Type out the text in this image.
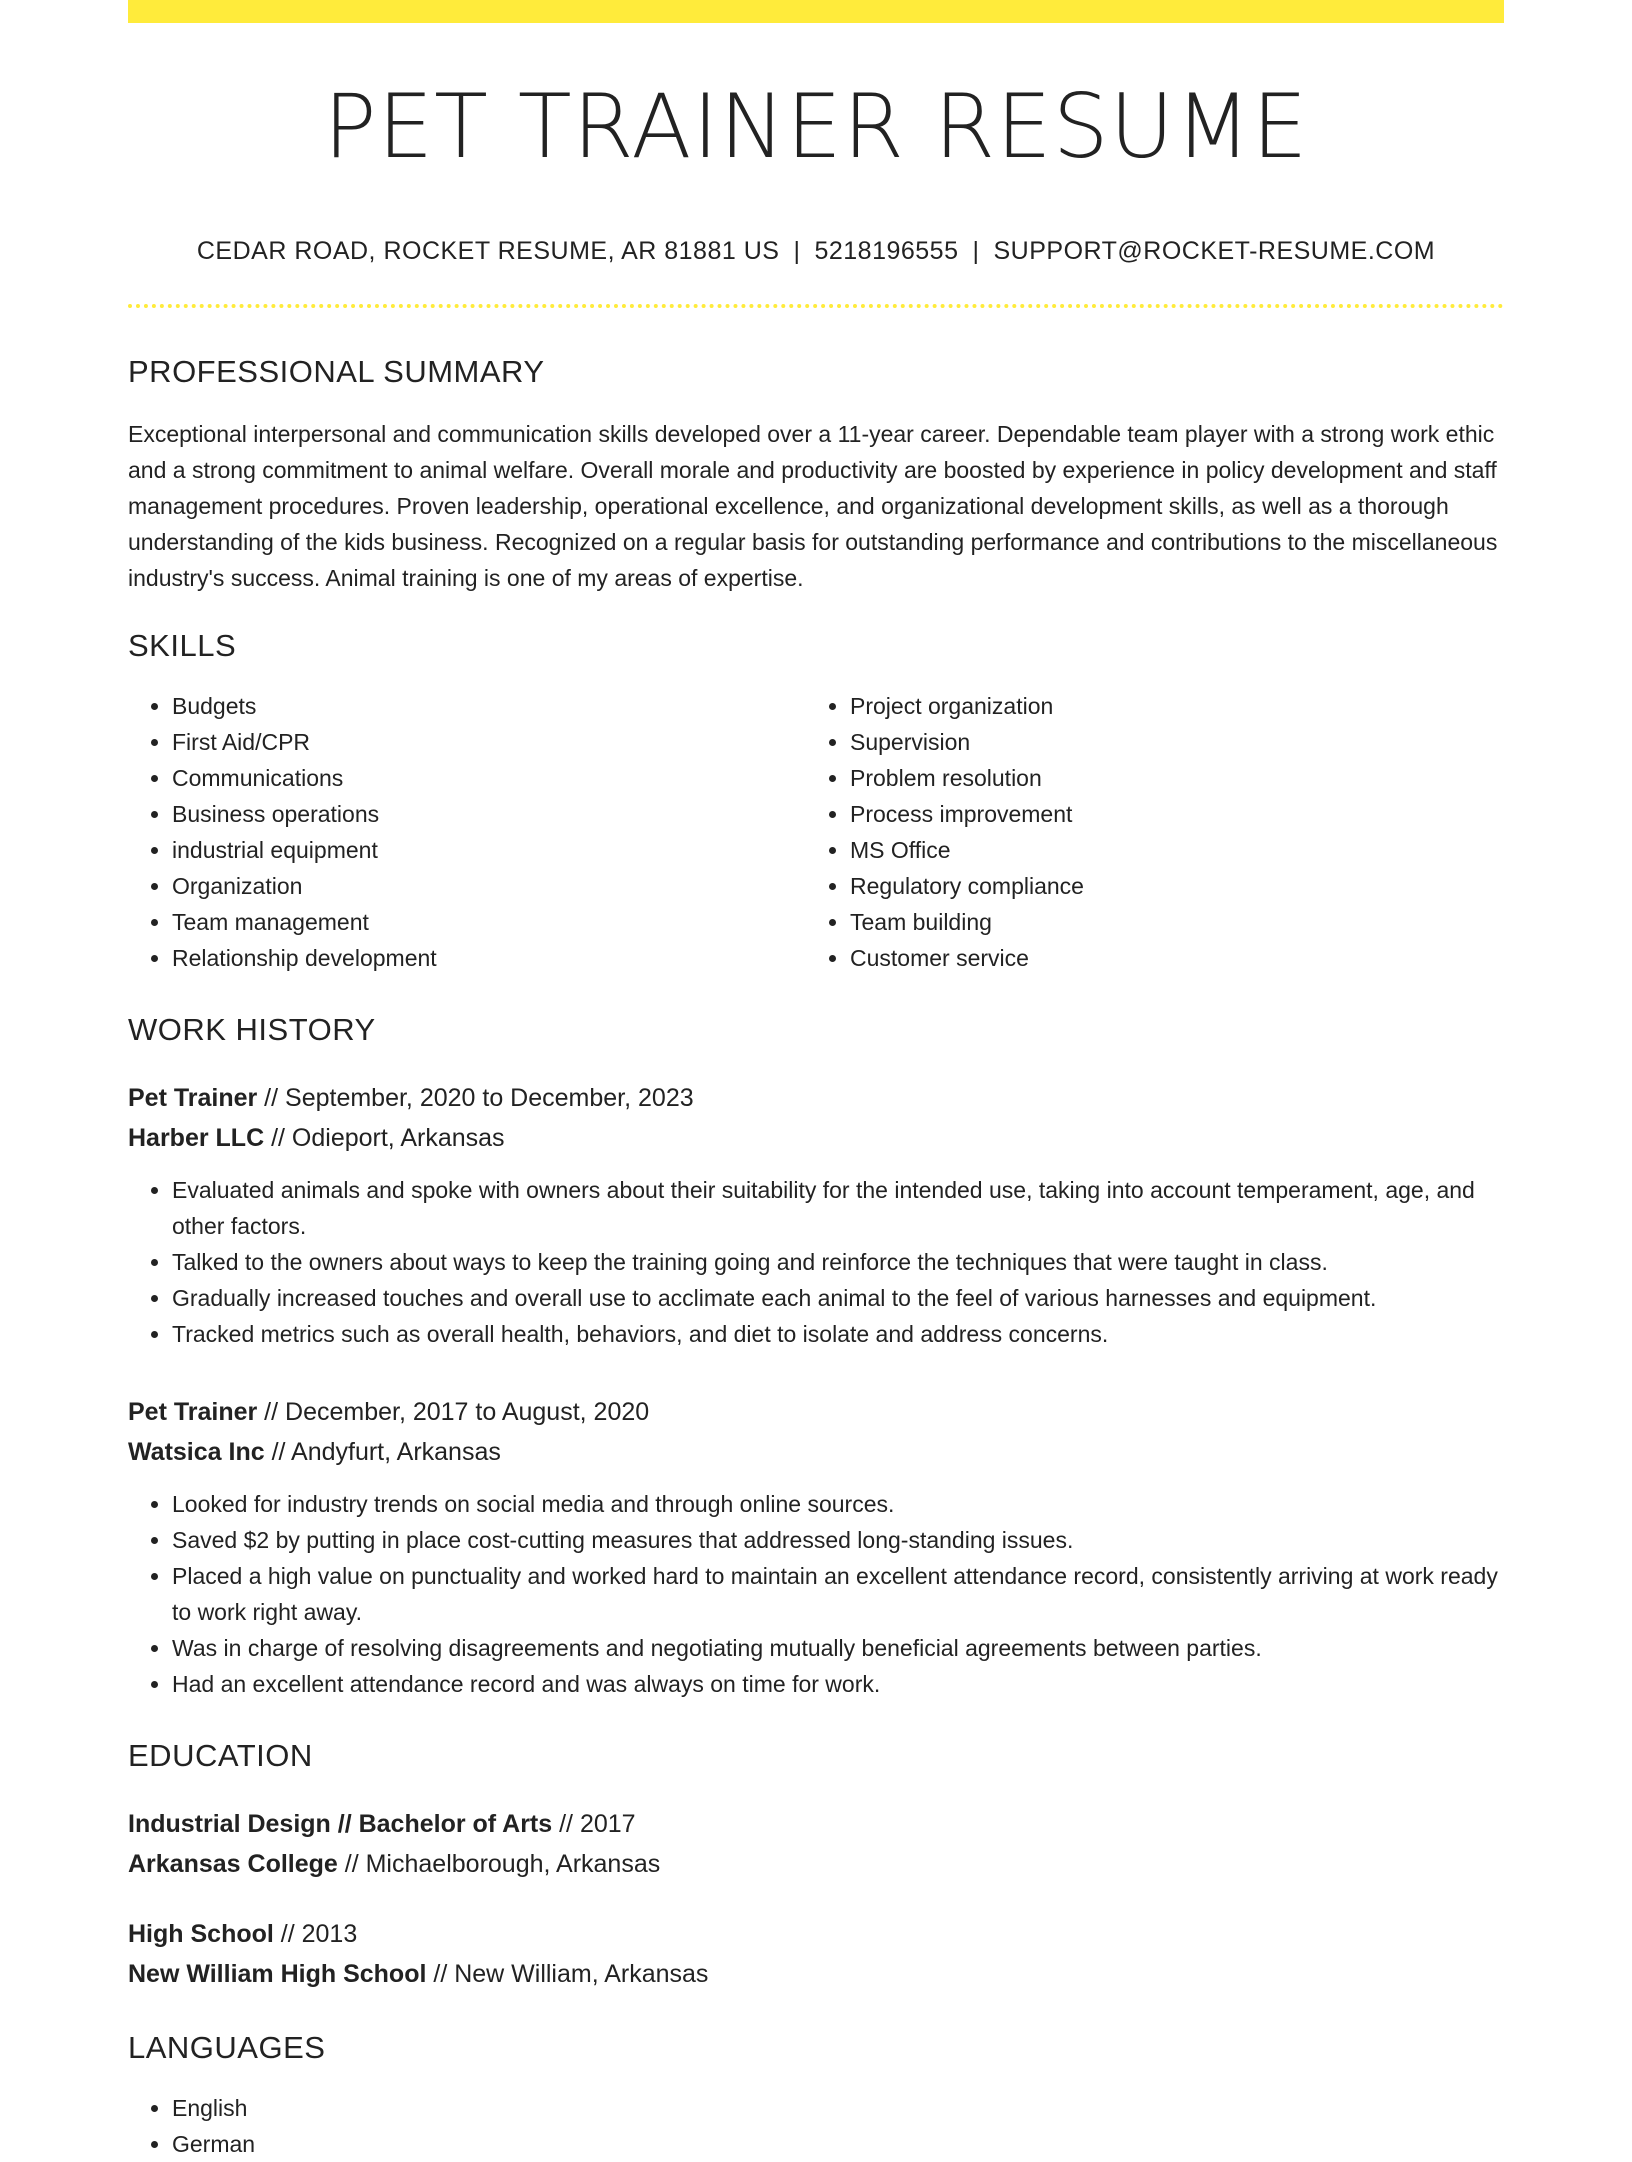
PET TRAINER RESUME
CEDAR ROAD, ROCKET RESUME, AR 81881 US | 5218196555 | SUPPORT@ROCKET-RESUME.COM
PROFESSIONAL SUMMARY

Exceptional interpersonal and communication skills developed over a 11-year career. Dependable team player with a strong work ethic and a strong commitment to animal welfare. Overall morale and productivity are boosted by experience in policy development and staff management procedures. Proven leadership, operational excellence, and organizational development skills, as well as a thorough understanding of the kids business. Recognized on a regular basis for outstanding performance and contributions to the miscellaneous industry's success. Animal training is one of my areas of expertise.

SKILLS
• Budgets
• First Aid/CPR
• Communications
• Business operations
• industrial equipment
• Organization
• Team management
• Relationship development
• Project organization
• Supervision
• Problem resolution
• Process improvement
• MS Office
• Regulatory compliance
• Team building
• Customer service
WORK HISTORY
Pet Trainer // September, 2020 to December, 2023
Harber LLC // Odieport, Arkansas
• Evaluated animals and spoke with owners about their suitability for the intended use, taking into account temperament, age, and other factors.
• Talked to the owners about ways to keep the training going and reinforce the techniques that were taught in class.
• Gradually increased touches and overall use to acclimate each animal to the feel of various harnesses and equipment.
• Tracked metrics such as overall health, behaviors, and diet to isolate and address concerns.
Pet Trainer // December, 2017 to August, 2020
Watsica Inc // Andyfurt, Arkansas
• Looked for industry trends on social media and through online sources.
• Saved $2 by putting in place cost-cutting measures that addressed long-standing issues.
• Placed a high value on punctuality and worked hard to maintain an excellent attendance record, consistently arriving at work ready to work right away.
• Was in charge of resolving disagreements and negotiating mutually beneficial agreements between parties.
• Had an excellent attendance record and was always on time for work.
EDUCATION
Industrial Design // Bachelor of Arts // 2017
Arkansas College // Michaelborough, Arkansas
High School // 2013
New William High School // New William, Arkansas
LANGUAGES
• English
• German
